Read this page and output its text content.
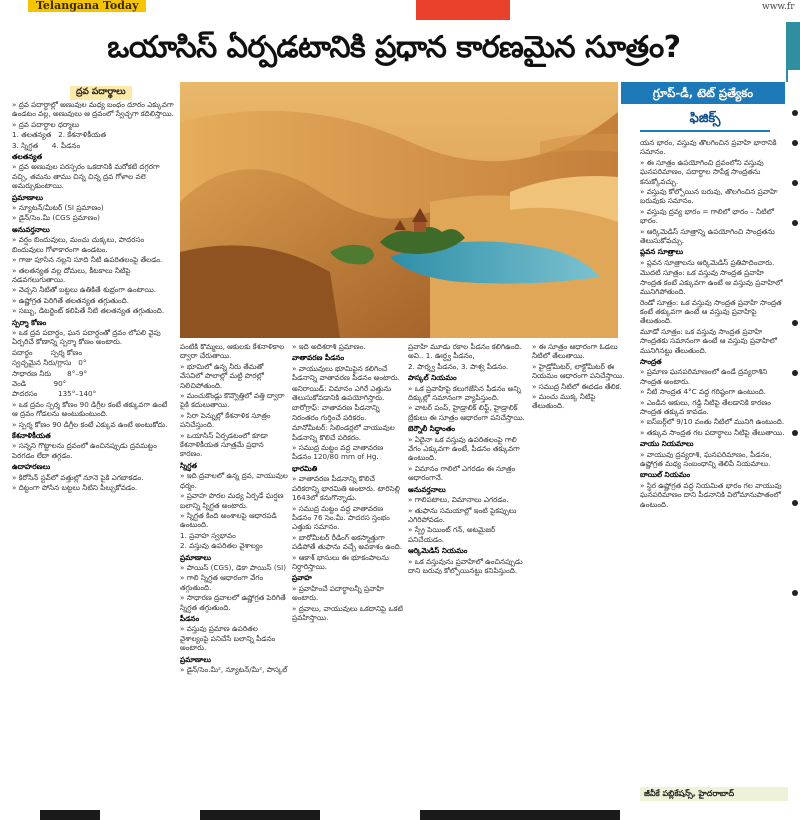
Telangana Today	www.fr
ఒయాసిస్ ఏర్పడటానికి ప్రధాన కారణమైన సూత్రం?
ద్రవ పదార్థాలు

» ద్రవ పదార్థాల్లో అణువుల మధ్య బంధం దూరం ఎక్కువగా ఉండటం వల్ల, అణువులు ఆ ద్రవంలో స్వేచ్ఛగా కదిలిస్తాయి.

» ద్రవ పదార్థాల ధర్మాలు

1. తలతన్యత   2. కేశనాళికీయత

3. స్నిగ్ధత      4. పీడనం

తలతన్యత

» ద్రవ అణువుల పరస్పరం ఒకదానికి మరోకటి దగ్గరగా వచ్చి, తమను తాము చిన్న చిన్న ద్రవ గోళాల వలె అమర్చుకుంటాయి.

ప్రమాణాలు

» న్యూటన్/మీటర్ (SI ప్రమాణం)

» డైన్/సెం.మీ (CGS ప్రమాణం)

అనువర్తనాలు

» వర్షం బిందువులు, మంచు చుక్కలు, పాదరసం బిందువులు గోళాకారంగా ఉండటం.

» గాజు పూసిన నల్లని సూది నీటి ఉపరితలంపై తేలడం.

» తలతన్యత వల్ల దోమలు, కీటకాలు నీటిపై నడవగలుగుతాయి.

» వెచ్చని నీటితో బట్టలు ఉతికితే శుభ్రంగా ఉంటాయి.

» ఉష్ణోగ్రత పెరిగితే తలతన్యత తగ్గుతుంది.

» సబ్బు, డిటర్జెంట్ కలిపితే నీటి తలతన్యత తగ్గుతుంది.

స్పర్శా కోణం

» ఒక ద్రవ పదార్థం, ఘన పదార్థంతో ద్రవం లోపలి వైపు ఏర్పరిచే కోణాన్ని స్పర్శా కోణం అంటారు.

పదార్థం        స్పర్శ కోణం

స్వచ్ఛమైన నీరు/గ్లాసు   0°

సాధారణ నీరు       8°–9°

వెండి            90°

పాదరసం         135°–140°

» ఒక ద్రవం స్పర్శ కోణం 90 డిగ్రీల కంటే తక్కువగా ఉంటే ఆ ద్రవం గోడలను అంటుకుంటుంది.

» స్పర్శ కోణం 90 డిగ్రీల కంటే ఎక్కువ ఉంటే అంటుకోదు.

కేశనాళికీయత

» సన్నని గొట్టాలను ద్రవంలో ఉంచినప్పుడు ద్రవమట్టం పెరగడం లేదా తగ్గడం.

ఉదాహరణలు

» కిరోసిన్ స్టవ్‌లో వత్తుల్లో నూనె పైకి ఎగబాకడం.

» దిట్టంగా పోసిన బట్టలు నీటిని పీల్చుకోవడం.

పంటికి కొమ్మలు, ఆకులకు కేశనాళికాల ద్వారా చేరుతాయి.

» భూమిలో ఉన్న నీరు తేమతో వేసవిలో పొలాల్లో మట్టి పొరల్లో నిలిచిపోతుంది.

» మంచుకొండ్లు కొవ్వొత్తిలో వత్తి ద్వారా పైకి కదులుతాయి.

» సిరా పెన్నుల్లో కేశనాళిక సూత్రం పనిచేస్తుంది.

» ఒయాసిస్ ఏర్పడటంలో కూడా కేశనాళికీయత సూత్రమే ప్రధాన కారణం.

స్నిగ్ధత

» ఇది ద్రవాలలో ఉన్న ద్రవ, వాయువుల ధర్మం.

» ప్రవాహ పొరల మధ్య ఏర్పడే ఘర్షణ బలాన్ని స్నిగ్ధత అంటారు.

» స్నిగ్ధత కింది అంశాలపై ఆధారపడి ఉంటుంది.

1. ప్రవాహ స్వభావం

2. వస్తువు ఉపరితల వైశాల్యం

ప్రమాణాలు

» పాయిస్ (CGS), డెకా పాయిస్ (SI)

» గాలి స్నిగ్ధత ఆధారంగా వేగం తగ్గుతుంది.

» సాధారణ ద్రవాలలో ఉష్ణోగ్రత పెరిగితే స్నిగ్ధత తగ్గుతుంది.

పీడనం

» వస్తువు ప్రమాణ ఉపరితల వైశాల్యంపై పనిచేసే బలాన్ని పీడనం అంటారు.

ప్రమాణాలు

» డైన్/సెం.మీ², న్యూటన్/మీ², పాస్కల్

» ఇది అదిశరాశి ప్రమాణం.

వాతావరణ పీడనం

» వాయువులు భూమిపైన కలిగించే పీడనాన్ని వాతావరణ పీడనం అంటారు.

అనిరాయిడ్: విమానం ఎగిరే ఎత్తును తెలుసుకోవడానికి ఉపయోగిస్తారు.

బారోగ్రాఫ్: వాతావరణ పీడనాన్ని నిరంతరం గుర్తించే పరికరం.

మానోమీటర్: సిలిండర్లలో వాయువుల పీడనాన్ని కొలిచే పరికరం.

» సముద్ర మట్టం వద్ద వాతావరణ పీడనం 120/80 mm of Hg.

భారమితి

» వాతావరణ పీడనాన్ని కొలిచే పరికరాన్ని భారమితి అంటారు. టారిసెల్లి 1643లో కనుగొన్నాడు.

» సముద్ర మట్టం వద్ద వాతావరణ పీడనం 76 సెం.మీ. పాదరస స్తంభం ఎత్తుకు సమానం.

» బారోమీటర్ రీడింగ్ అకస్మాత్తుగా పడిపోతే తుఫాను వచ్చే అవకాశం ఉంది.

» ఆకాశ్ భాసులు ఈ భూకంపాలను నిర్ధారిస్తాయి.

ప్రవాహ

» ప్రవాహించే పదార్థాలన్నీ ప్రవాహి అంటారు.

» ద్రవాలు, వాయువులు ఒకదానిపై ఒకటి ప్రవహిస్తాయి.

ప్రవాహి మూడు రకాల పీడనం కలిగిఉంది. అవి.. 1. ఊర్ధ్వ పీడనం,

2. పార్శ్వ పీడనం, 3. పాశ్వ పీడనం.

పాస్కల్ నియమం

» ఒక ప్రవాహిపై కలుగజేసిన పీడనం అన్ని దిక్కుల్లో సమానంగా వ్యాపిస్తుంది.

» వాటర్ పంప్, హైడ్రాలిక్ లిఫ్ట్, హైడ్రాలిక్ బ్రేకులు ఈ సూత్రం ఆధారంగా పనిచేస్తాయి.

బెర్నౌలీ సిద్ధాంతం

» ఏదైనా ఒక వస్తువు ఉపరితలంపై గాలి వేగం ఎక్కువగా ఉంటే, పీడనం తక్కువగా ఉంటుంది.

» విమానం గాలిలో ఎగరడం ఈ సూత్రం ఆధారంగానే.

అనువర్తనాలు

» గాలిపటాలు, విమానాలు ఎగరడం.

» తుఫాను సమయాల్లో ఇంటి పైకప్పులు ఎగిరిపోవడం.

» స్ప్రే పెయింట్ గన్, అటమైజర్ పనిచేయడం.

ఆర్కిమెడిస్ నియమం

» ఒక వస్తువును ప్రవాహిలో ఉంచినప్పుడు దాని బరువు కోల్పోయినట్టు కనిపిస్తుంది.

» ఈ సూత్రం ఆధారంగా ఓడలు నీటిలో తేలుతాయి.

» హైడ్రోమీటర్, లాక్టోమీటర్ ఈ నియమం ఆధారంగా పనిచేస్తాయి.

» సముద్ర నీటిలో ఈదడం తేలిక.

» మంచు ముక్క నీటిపై తేలుతుంది.

యన భారం, వస్తువు తొలగించిన ప్రవాహి భారానికి సమానం.

» ఈ సూత్రం ఉపయోగించి ద్రవంలోని వస్తువు ఘనపరిమాణం, పదార్థాల సాపేక్ష సాంద్రతను కనుక్కోవచ్చు.

» వస్తువు కోల్పోయిన బరువు, తొలగించిన ప్రవాహి బరువుకు సమానం.

» వస్తువు ద్రవ్య భారం = గాలిలో భారం – నీటిలో భారం.

» ఆర్కిమెడిస్ సూత్రాన్ని ఉపయోగించి సాంద్రతను తెలుసుకోవచ్చు.

ప్లవన సూత్రాలు

» ప్లవన సూత్రాలను ఆర్కిమెడిస్ ప్రతిపాదించారు.

మొదటి సూత్రం: ఒక వస్తువు సాంద్రత ప్రవాహి సాంద్రత కంటే ఎక్కువగా ఉంటే ఆ వస్తువు ప్రవాహిలో మునిగిపోతుంది.

రెండో సూత్రం: ఒక వస్తువు సాంద్రత ప్రవాహి సాంద్రత కంటే తక్కువగా ఉంటే ఆ వస్తువు ప్రవాహిపై తేలుతుంది.

మూడో సూత్రం: ఒక వస్తువు సాంద్రత ప్రవాహి సాంద్రతకు సమానంగా ఉంటే ఆ వస్తువు ప్రవాహిలో మునిగినట్టు తేలుతుంది.

సాంద్రత

» ప్రమాణ ఘనపరిమాణంలో ఉండే ద్రవ్యరాశిని సాంద్రత అంటారు.

» నీటి సాంద్రత 4°C వద్ద గరిష్ఠంగా ఉంటుంది.

» ఎండిన ఆకులు, గడ్డి నీటిపై తేలడానికి కారణం సాంద్రత తక్కువ కావడం.

» ఐస్‌బర్గ్‌లో 9/10 వంతు నీటిలో మునిగి ఉంటుంది.

» తక్కువ సాంద్రత గల పదార్థాలు నీటిపై తేలుతాయి.

వాయు నియమాలు

» వాయువు ద్రవ్యరాశి, ఘనపరిమాణం, పీడనం, ఉష్ణోగ్రత మధ్య సంబంధాన్ని తెలిపే నియమాలు.

బాయిల్ నియమం

» స్థిర ఉష్ణోగ్రత వద్ద నియమిత భారం గల వాయువు ఘనపరిమాణం దాని పీడనానికి విలోమానుపాతంలో ఉంటుంది.

గ్రూప్-డీ, టెట్ ప్రత్యేకం
ఫిజిక్స్
జీవీకే పబ్లికేషన్స్, హైదరాబాద్
